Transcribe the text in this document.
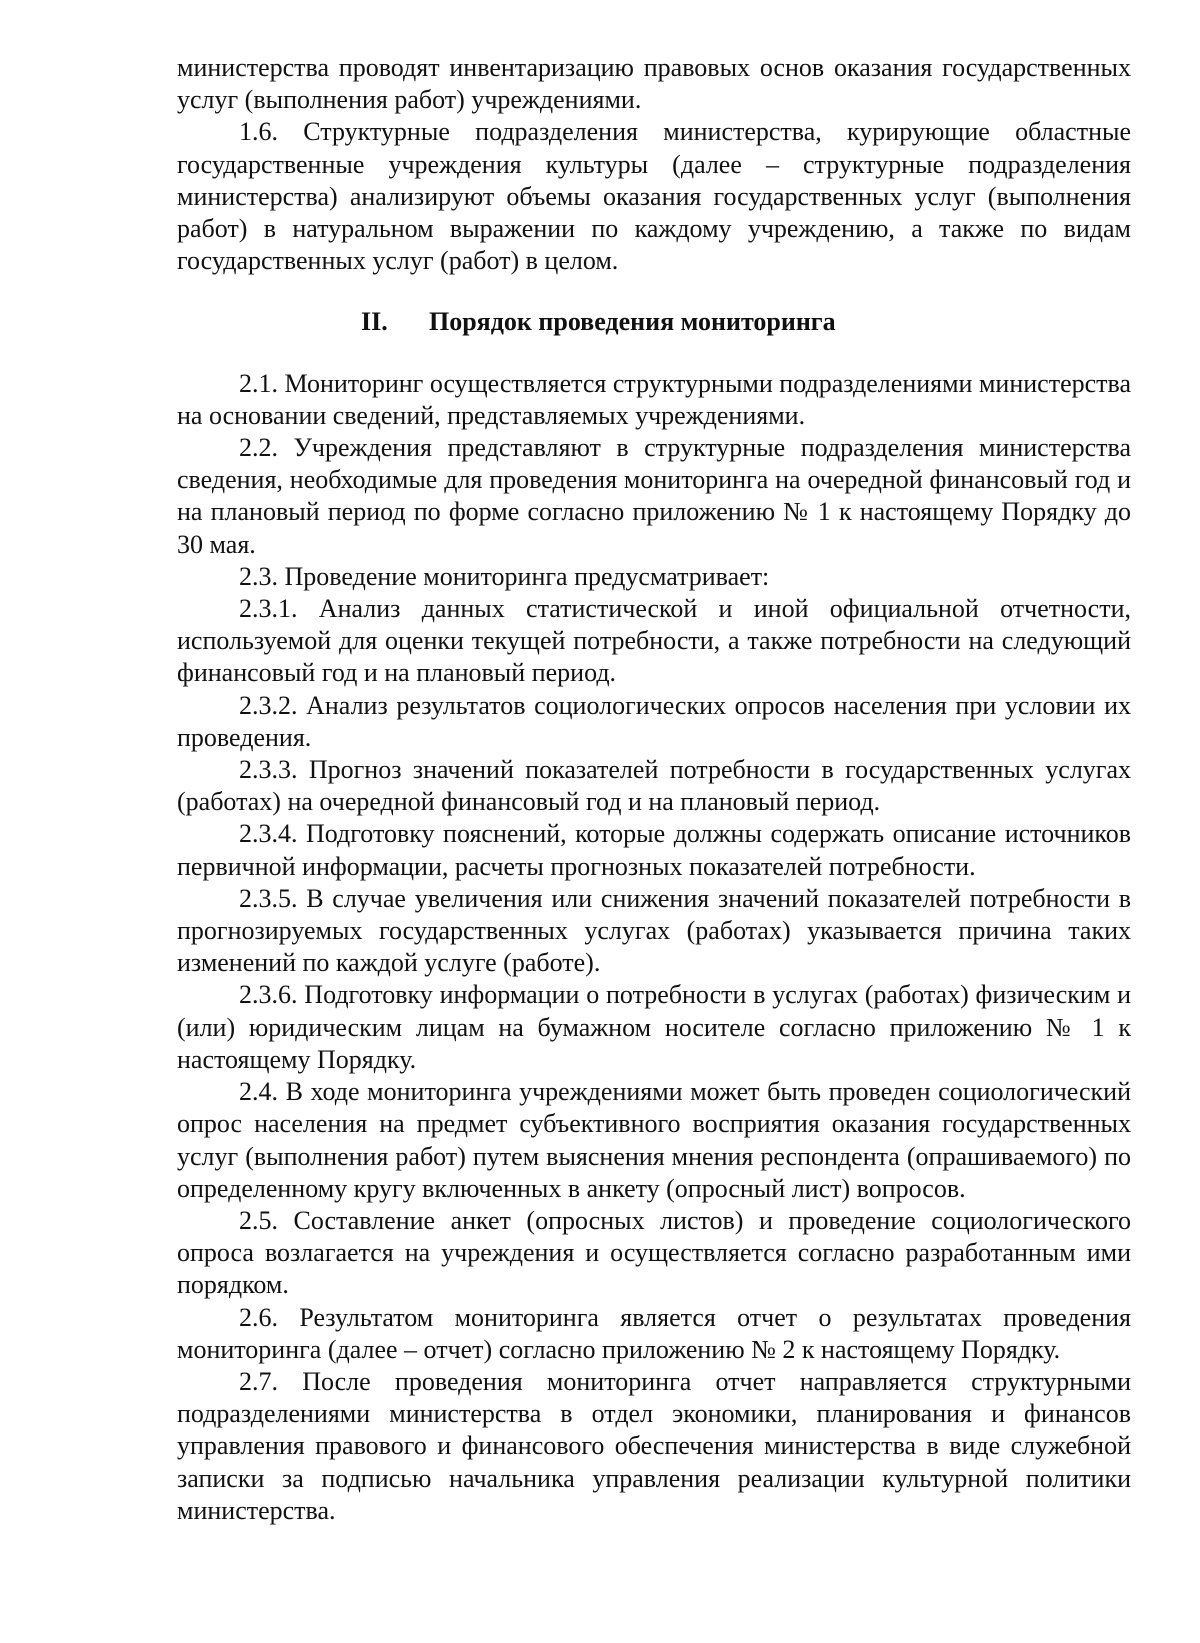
министерства проводят инвентаризацию правовых основ оказания государственных услуг (выполнения работ) учреждениями.

1.6. Структурные подразделения министерства, курирующие областные государственные учреждения культуры (далее – структурные подразделения министерства) анализируют объемы оказания государственных услуг (выполнения работ) в натуральном выражении по каждому учреждению, а также по видам государственных услуг (работ) в целом.

II. Порядок проведения мониторинга

2.1. Мониторинг осуществляется структурными подразделениями министерства на основании сведений, представляемых учреждениями.

2.2. Учреждения представляют в структурные подразделения министерства сведения, необходимые для проведения мониторинга на очередной финансовый год и на плановый период по форме согласно приложению № 1 к настоящему Порядку до 30 мая.

2.3. Проведение мониторинга предусматривает:

2.3.1. Анализ данных статистической и иной официальной отчетности, используемой для оценки текущей потребности, а также потребности на следующий финансовый год и на плановый период.

2.3.2. Анализ результатов социологических опросов населения при условии их проведения.

2.3.3. Прогноз значений показателей потребности в государственных услугах (работах) на очередной финансовый год и на плановый период.

2.3.4. Подготовку пояснений, которые должны содержать описание источников первичной информации, расчеты прогнозных показателей потребности.

2.3.5. В случае увеличения или снижения значений показателей потребности в прогнозируемых государственных услугах (работах) указывается причина таких изменений по каждой услуге (работе).

2.3.6. Подготовку информации о потребности в услугах (работах) физическим и (или) юридическим лицам на бумажном носителе согласно приложению № 1 к настоящему Порядку.

2.4. В ходе мониторинга учреждениями может быть проведен социологический опрос населения на предмет субъективного восприятия оказания государственных услуг (выполнения работ) путем выяснения мнения респондента (опрашиваемого) по определенному кругу включенных в анкету (опросный лист) вопросов.

2.5. Составление анкет (опросных листов) и проведение социологического опроса возлагается на учреждения и осуществляется согласно разработанным ими порядком.

2.6. Результатом мониторинга является отчет о результатах проведения мониторинга (далее – отчет) согласно приложению № 2 к настоящему Порядку.

2.7. После проведения мониторинга отчет направляется структурными подразделениями министерства в отдел экономики, планирования и финансов управления правового и финансового обеспечения министерства в виде служебной записки за подписью начальника управления реализации культурной политики министерства.
